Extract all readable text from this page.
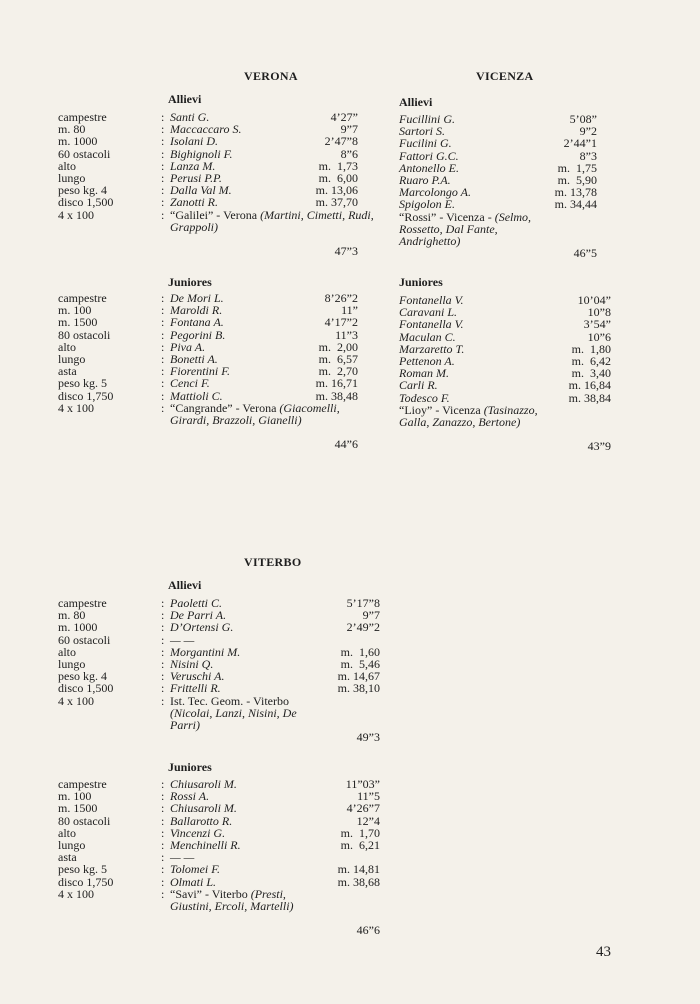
VERONA
Allievi
campestre	: Santi G.	4’27”
m. 80	: Maccaccaro S.	9”7
m. 1000	: Isolani D.	2’47”8
60 ostacoli	: Bighignoli F.	8”6
alto	: Lanza M.	m.  1,73
lungo	: Perusi P.P.	m.  6,00
peso kg. 4	: Dalla Val M.	m. 13,06
disco 1,500	: Zanotti R.	m. 37,70
4 x 100	: “Galilei” - Verona (Martini, Cimetti, Rudi, Grappoli)
47”3
Juniores
campestre	: De Mori L.	8’26”2
m. 100	: Maroldi R.	11”
m. 1500	: Fontana A.	4’17”2
80 ostacoli	: Pegorini B.	11”3
alto	: Piva A.	m.  2,00
lungo	: Bonetti A.	m.  6,57
asta	: Fiorentini F.	m.  2,70
peso kg. 5	: Cenci F.	m. 16,71
disco 1,750	: Mattioli C.	m. 38,48
4 x 100	: “Cangrande” - Verona (Giacomelli, Girardi, Brazzoli, Gianelli)
44”6
VICENZA
Allievi
Fucillini G.	5’08”
Sartori S.	9”2
Fucilini G.	2’44”1
Fattori G.C.	8”3
Antonello E.	m.  1,75
Ruaro P.A.	m.  5,90
Marcolongo A.	m. 13,78
Spigolon E.	m. 34,44
“Rossi” - Vicenza - (Selmo, Rossetto, Dal Fante, Andrighetto)
46”5
Juniores
Fontanella V.	10’04”
Caravani L.	10”8
Fontanella V.	3’54”
Maculan C.	10”6
Marzaretto T.	m.  1,80
Pettenon A.	m.  6,42
Roman M.	m.  3,40
Carli R.	m. 16,84
Todesco F.	m. 38,84
“Lioy” - Vicenza (Tasinazzo, Galla, Zanazzo, Bertone)
43”9
VITERBO
Allievi
campestre	: Paoletti C.	5’17”8
m. 80	: De Parri A.	9”7
m. 1000	: D’Ortensi G.	2’49”2
60 ostacoli	: — —
alto	: Morgantini M.	m.  1,60
lungo	: Nisini Q.	m.  5,46
peso kg. 4	: Veruschi A.	m. 14,67
disco 1,500	: Frittelli R.	m. 38,10
4 x 100	: Ist. Tec. Geom. - Viterbo (Nicolai, Lanzi, Nisini, De Parri)
49”3
Juniores
campestre	: Chiusaroli M.	11”03”
m. 100	: Rossi A.	11”5
m. 1500	: Chiusaroli M.	4’26”7
80 ostacoli	: Ballarotto R.	12”4
alto	: Vincenzi G.	m.  1,70
lungo	: Menchinelli R.	m.  6,21
asta	: — —
peso kg. 5	: Tolomei F.	m. 14,81
disco 1,750	: Olmati L.	m. 38,68
4 x 100	: “Savi” - Viterbo (Presti, Giustini, Ercoli, Martelli)
46”6
43
